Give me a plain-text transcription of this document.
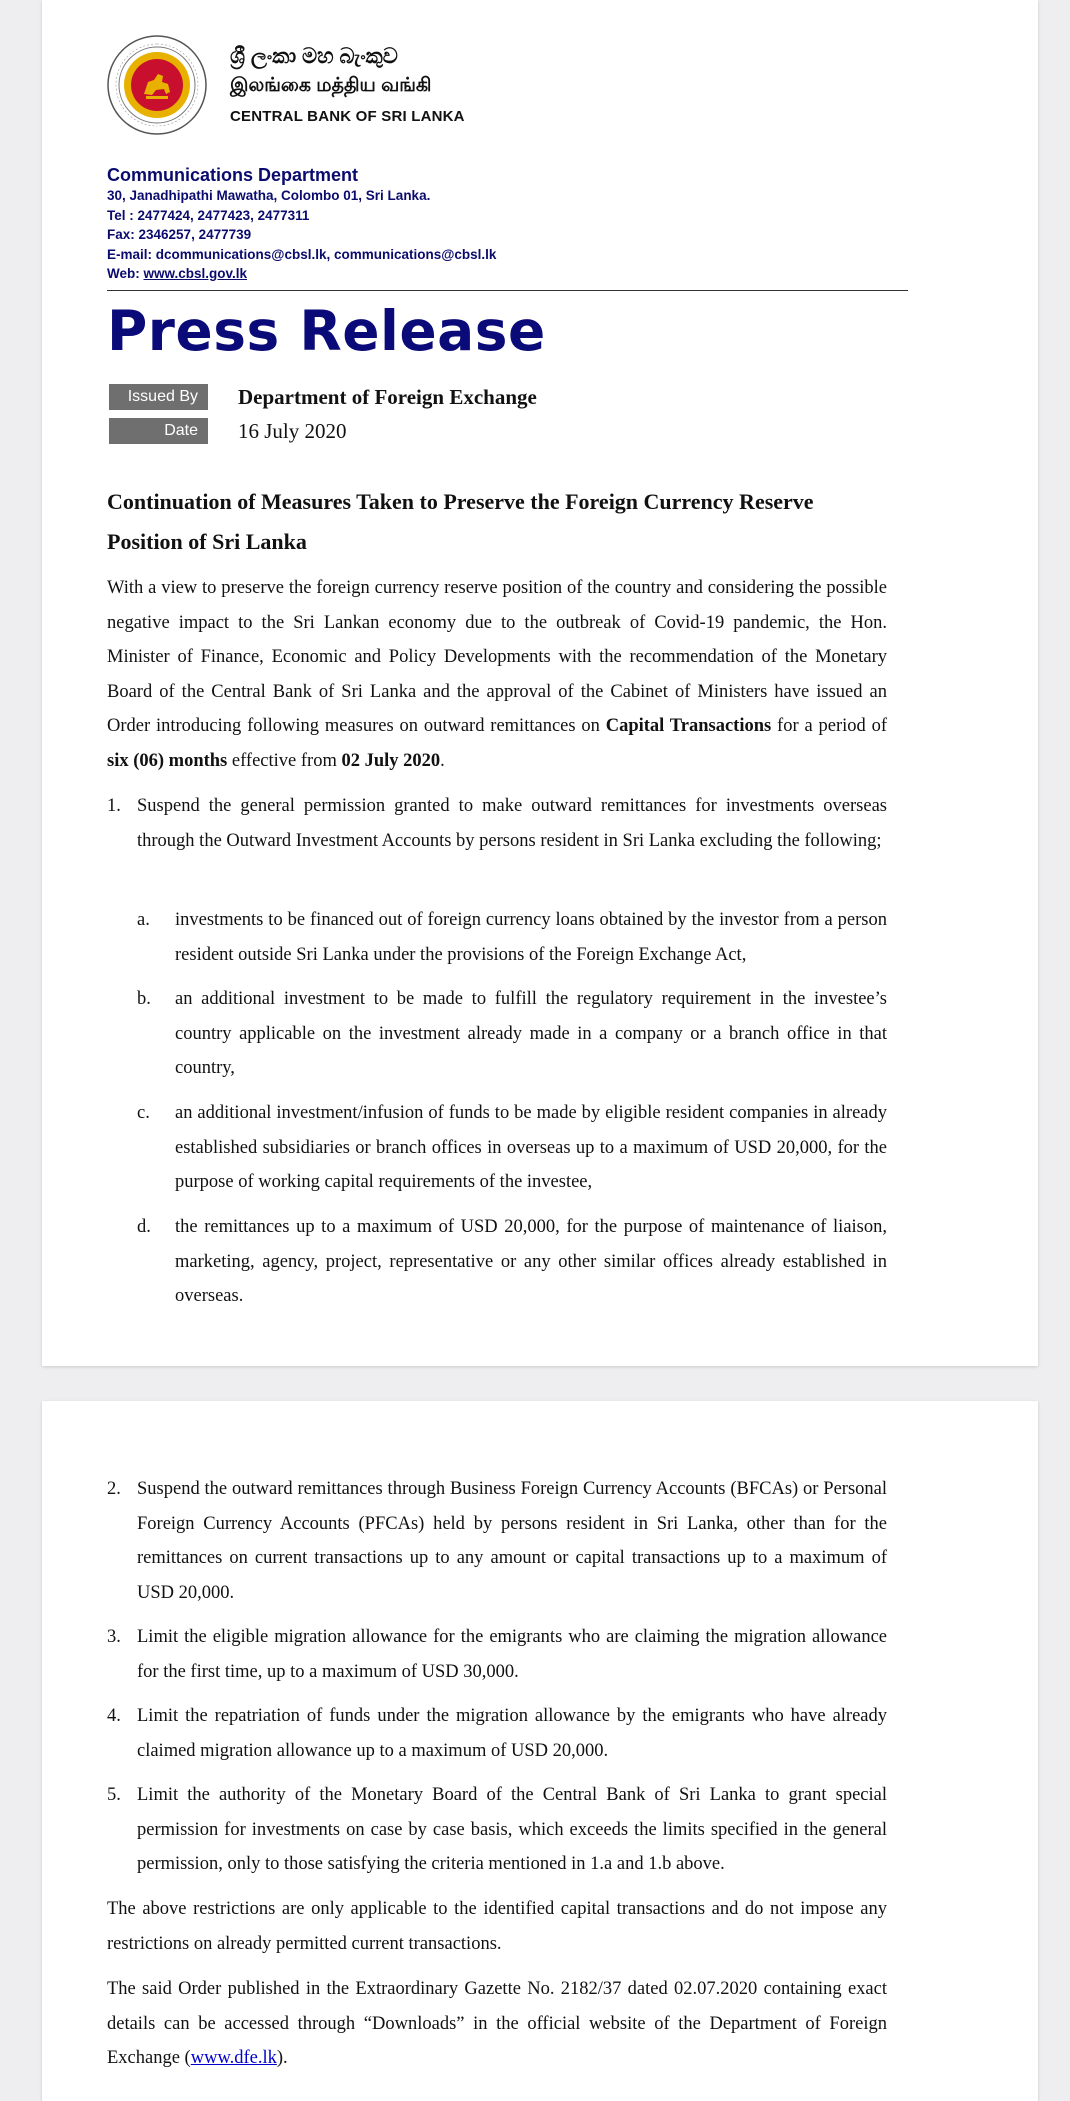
ශ්‍රී ලංකා මහ බැංකුව
இலங்கை மத்திய வங்கி
CENTRAL BANK OF SRI LANKA
Communications Department
30, Janadhipathi Mawatha, Colombo 01, Sri Lanka.
Tel : 2477424, 2477423, 2477311
Fax: 2346257, 2477739
E-mail: dcommunications@cbsl.lk, communications@cbsl.lk
Web: www.cbsl.gov.lk
Press Release
Issued By	Department of Foreign Exchange
Date	16 July 2020
Continuation of Measures Taken to Preserve the Foreign Currency Reserve Position of Sri Lanka

With a view to preserve the foreign currency reserve position of the country and considering the possible negative impact to the Sri Lankan economy due to the outbreak of Covid-19 pandemic, the Hon. Minister of Finance, Economic and Policy Developments with the recommendation of the Monetary Board of the Central Bank of Sri Lanka and the approval of the Cabinet of Ministers have issued an Order introducing following measures on outward remittances on Capital Transactions for a period of six (06) months effective from 02 July 2020.

1. Suspend the general permission granted to make outward remittances for investments overseas through the Outward Investment Accounts by persons resident in Sri Lanka excluding the following;
a. investments to be financed out of foreign currency loans obtained by the investor from a person resident outside Sri Lanka under the provisions of the Foreign Exchange Act,
b. an additional investment to be made to fulfill the regulatory requirement in the investee’s country applicable on the investment already made in a company or a branch office in that country,
c. an additional investment/infusion of funds to be made by eligible resident companies in already established subsidiaries or branch offices in overseas up to a maximum of USD 20,000, for the purpose of working capital requirements of the investee,
d. the remittances up to a maximum of USD 20,000, for the purpose of maintenance of liaison, marketing, agency, project, representative or any other similar offices already established in overseas.
2. Suspend the outward remittances through Business Foreign Currency Accounts (BFCAs) or Personal Foreign Currency Accounts (PFCAs) held by persons resident in Sri Lanka, other than for the remittances on current transactions up to any amount or capital transactions up to a maximum of USD 20,000.
3. Limit the eligible migration allowance for the emigrants who are claiming the migration allowance for the first time, up to a maximum of USD 30,000.
4. Limit the repatriation of funds under the migration allowance by the emigrants who have already claimed migration allowance up to a maximum of USD 20,000.
5. Limit the authority of the Monetary Board of the Central Bank of Sri Lanka to grant special permission for investments on case by case basis, which exceeds the limits specified in the general permission, only to those satisfying the criteria mentioned in 1.a and 1.b above.
The above restrictions are only applicable to the identified capital transactions and do not impose any restrictions on already permitted current transactions.
The said Order published in the Extraordinary Gazette No. 2182/37 dated 02.07.2020 containing exact details can be accessed through “Downloads” in the official website of the Department of Foreign Exchange (www.dfe.lk).
